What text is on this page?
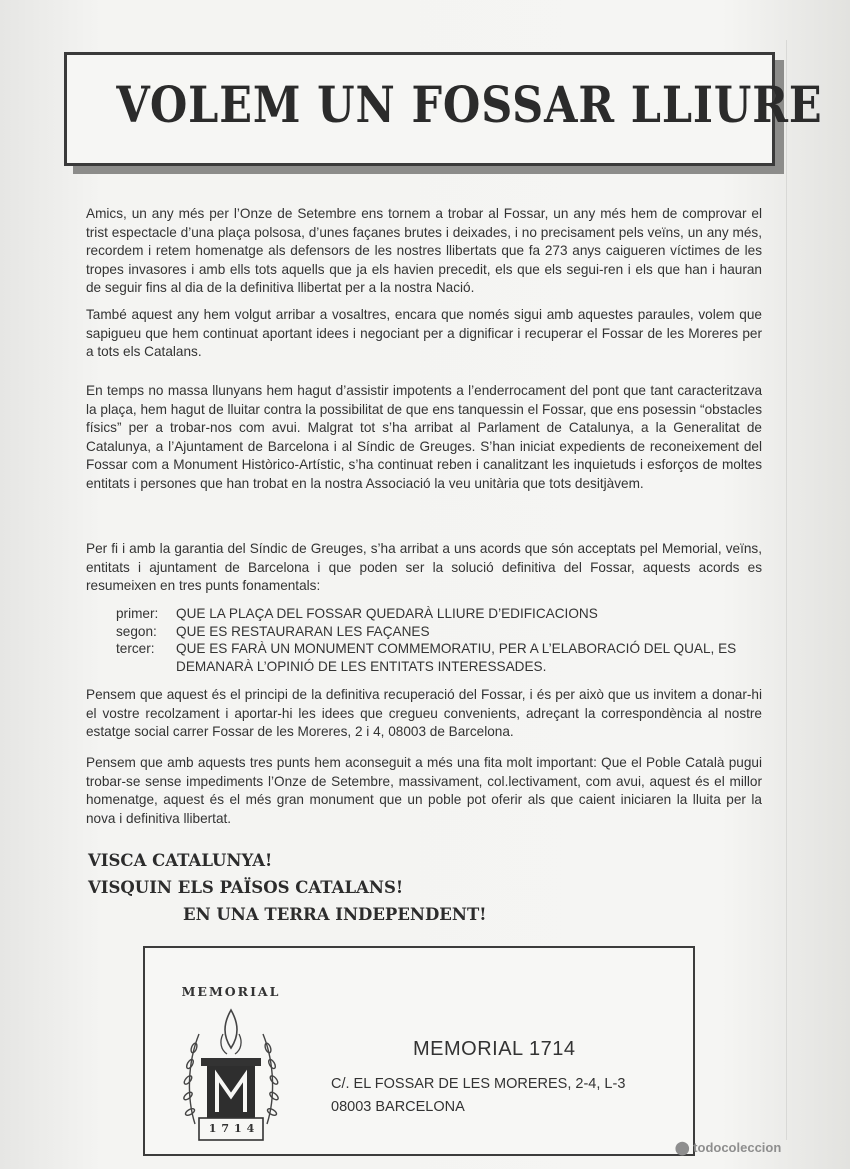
VOLEM UN FOSSAR LLIURE

Amics, un any més per l’Onze de Setembre ens tornem a trobar al Fossar, un any més hem de comprovar el trist espectacle d’una plaça polsosa, d’unes façanes brutes i deixades, i no precisament pels veïns, un any més, recordem i retem homenatge als defensors de les nostres llibertats que fa 273 anys caigueren víctimes de les tropes invasores i amb ells tots aquells que ja els havien precedit, els que els segui-ren i els que han i hauran de seguir fins al dia de la definitiva llibertat per a la nostra Nació.

També aquest any hem volgut arribar a vosaltres, encara que només sigui amb aquestes paraules, volem que sapigueu que hem continuat aportant idees i negociant per a dignificar i recuperar el Fossar de les Moreres per a tots els Catalans.

En temps no massa llunyans hem hagut d’assistir impotents a l’enderrocament del pont que tant caracteritzava la plaça, hem hagut de lluitar contra la possibilitat de que ens tanquessin el Fossar, que ens posessin “obstacles físics” per a trobar-nos com avui. Malgrat tot s’ha arribat al Parlament de Catalunya, a la Generalitat de Catalunya, a l’Ajuntament de Barcelona i al Síndic de Greuges. S’han iniciat expedients de reconeixement del Fossar com a Monument Històrico-Artístic, s’ha continuat reben i canalitzant les inquietuds i esforços de moltes entitats i persones que han trobat en la nostra Associació la veu unitària que tots desitjàvem.

Per fi i amb la garantia del Síndic de Greuges, s’ha arribat a uns acords que són acceptats pel Memorial, veïns, entitats i ajuntament de Barcelona i que poden ser la solució definitiva del Fossar, aquests acords es resumeixen en tres punts fonamentals:

primer:	QUE LA PLAÇA DEL FOSSAR QUEDARÀ LLIURE D’EDIFICACIONS
segon:	QUE ES RESTAURARAN LES FAÇANES
tercer:	QUE ES FARÀ UN MONUMENT COMMEMORATIU, PER A L’ELABORACIÓ DEL QUAL, ES DEMANARÀ L’OPINIÓ DE LES ENTITATS INTERESSADES.

Pensem que aquest és el principi de la definitiva recuperació del Fossar, i és per això que us invitem a donar-hi el vostre recolzament i aportar-hi les idees que cregueu convenients, adreçant la correspondència al nostre estatge social carrer Fossar de les Moreres, 2 i 4, 08003 de Barcelona.

Pensem que amb aquests tres punts hem aconseguit a més una fita molt important: Que el Poble Català pugui trobar-se sense impediments l’Onze de Setembre, massivament, col.lectivament, com avui, aquest és el millor homenatge, aquest és el més gran monument que un poble pot oferir als que caient iniciaren la lluita per la nova i definitiva llibertat.

VISCA CATALUNYA!
VISQUIN ELS PAÏSOS CATALANS!
EN UNA TERRA INDEPENDENT!
MEMORIAL
1714
MEMORIAL 1714
C/. EL FOSSAR DE LES MORERES, 2-4, L-3
08003 BARCELONA
⬤ todocoleccion
